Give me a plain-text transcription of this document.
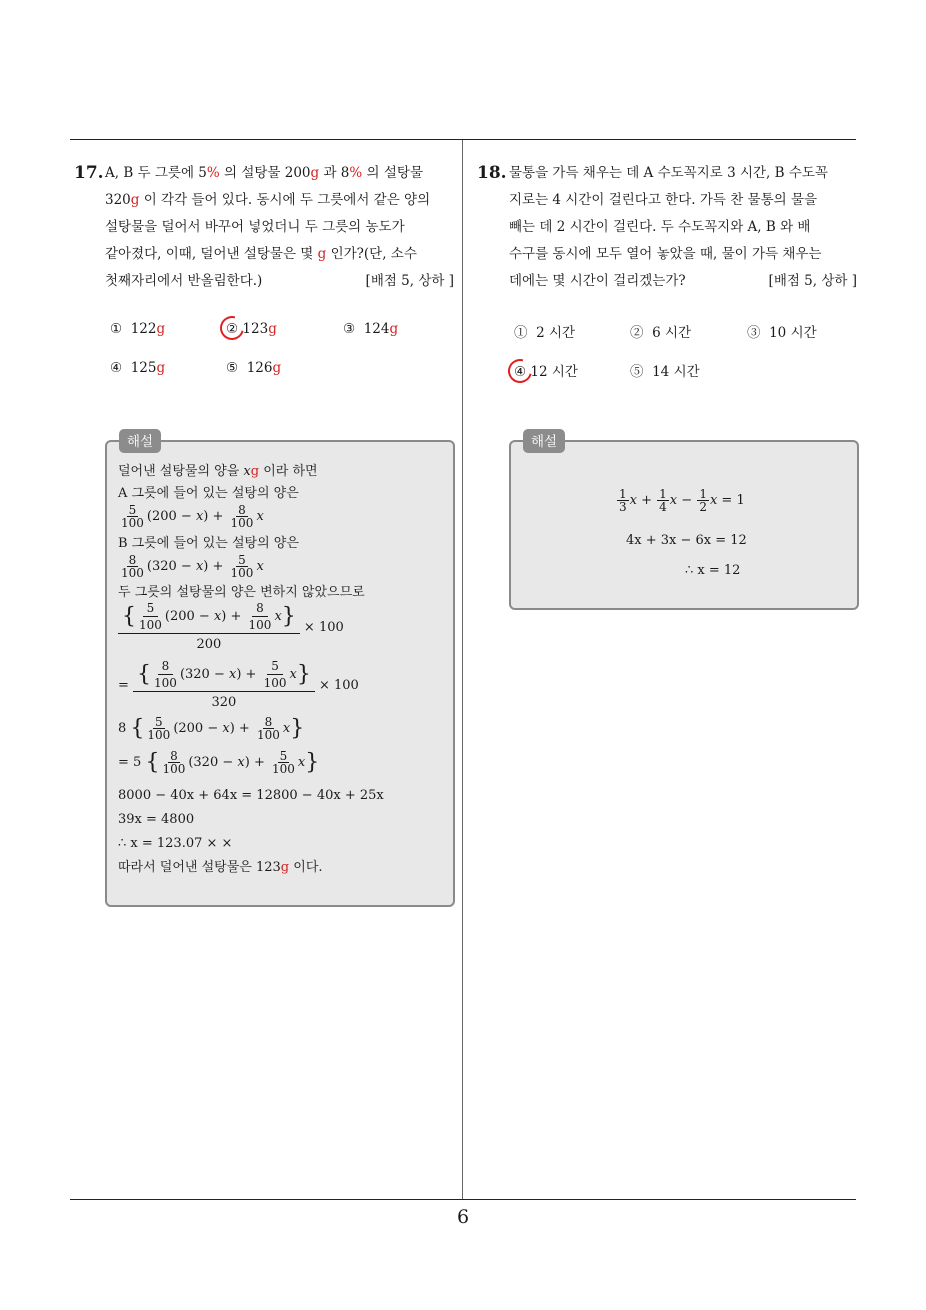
6
17. A, B 두 그릇에 5% 의 설탕물 200g 과 8% 의 설탕물
320g 이 각각 들어 있다. 동시에 두 그릇에서 같은 양의
설탕물을 덜어서 바꾸어 넣었더니 두 그릇의 농도가
같아졌다, 이때, 덜어낸 설탕물은 몇 g 인가?(단, 소수
첫째자리에서 반올림한다.)	[배점 5, 상하 ]
① 122g	② 123g	③ 124g
④ 125g	⑤ 126g
해설
덜어낸 설탕물의 양을 xg 이라 하면
A 그릇에 들어 있는 설탕의 양은
$\frac{5}{100} (200 - x) + \frac{8}{100}$ x
B 그릇에 들어 있는 설탕의 양은
$\frac{8}{100} (320 - x) + \frac{5}{100}$ x
두 그릇의 설탕물의 양은 변하지 않았으므로
$\frac{\{ \frac{5}{100} (200 - x) + \frac{8}{100} x\}}{200} \times 100$
= $\frac{\{ \frac{8}{100} (320 - x) + \frac{5}{100} x\}}{320} \times 100$
8 { $\frac{5}{100} (200 - x) + \frac{8}{100} x$}
= 5 { $\frac{8}{100} (320 - x) + \frac{5}{100} x$}
8000 − 40x + 64x = 12800 − 40x + 25x
39x = 4800
∴ x = 123.07 × ×
따라서 덜어낸 설탕물은 123g 이다.
18. 물통을 가득 채우는 데 A 수도꼭지로 3 시간, B 수도꼭
지로는 4 시간이 걸린다고 한다. 가득 찬 물통의 물을
빼는 데 2 시간이 걸린다. 두 수도꼭지와 A, B 와 배
수구를 동시에 모두 열어 놓았을 때, 물이 가득 채우는
데에는 몇 시간이 걸리겠는가?	[배점 5, 상하 ]
① 2 시간	② 6 시간	③ 10 시간
④ 12 시간	⑤ 14 시간
해설
$\frac{1}{3}$ $x + \frac{1}{4}$ $x - \frac{1}{2}$ x = 1
4x + 3x − 6x = 12
∴ x = 12
